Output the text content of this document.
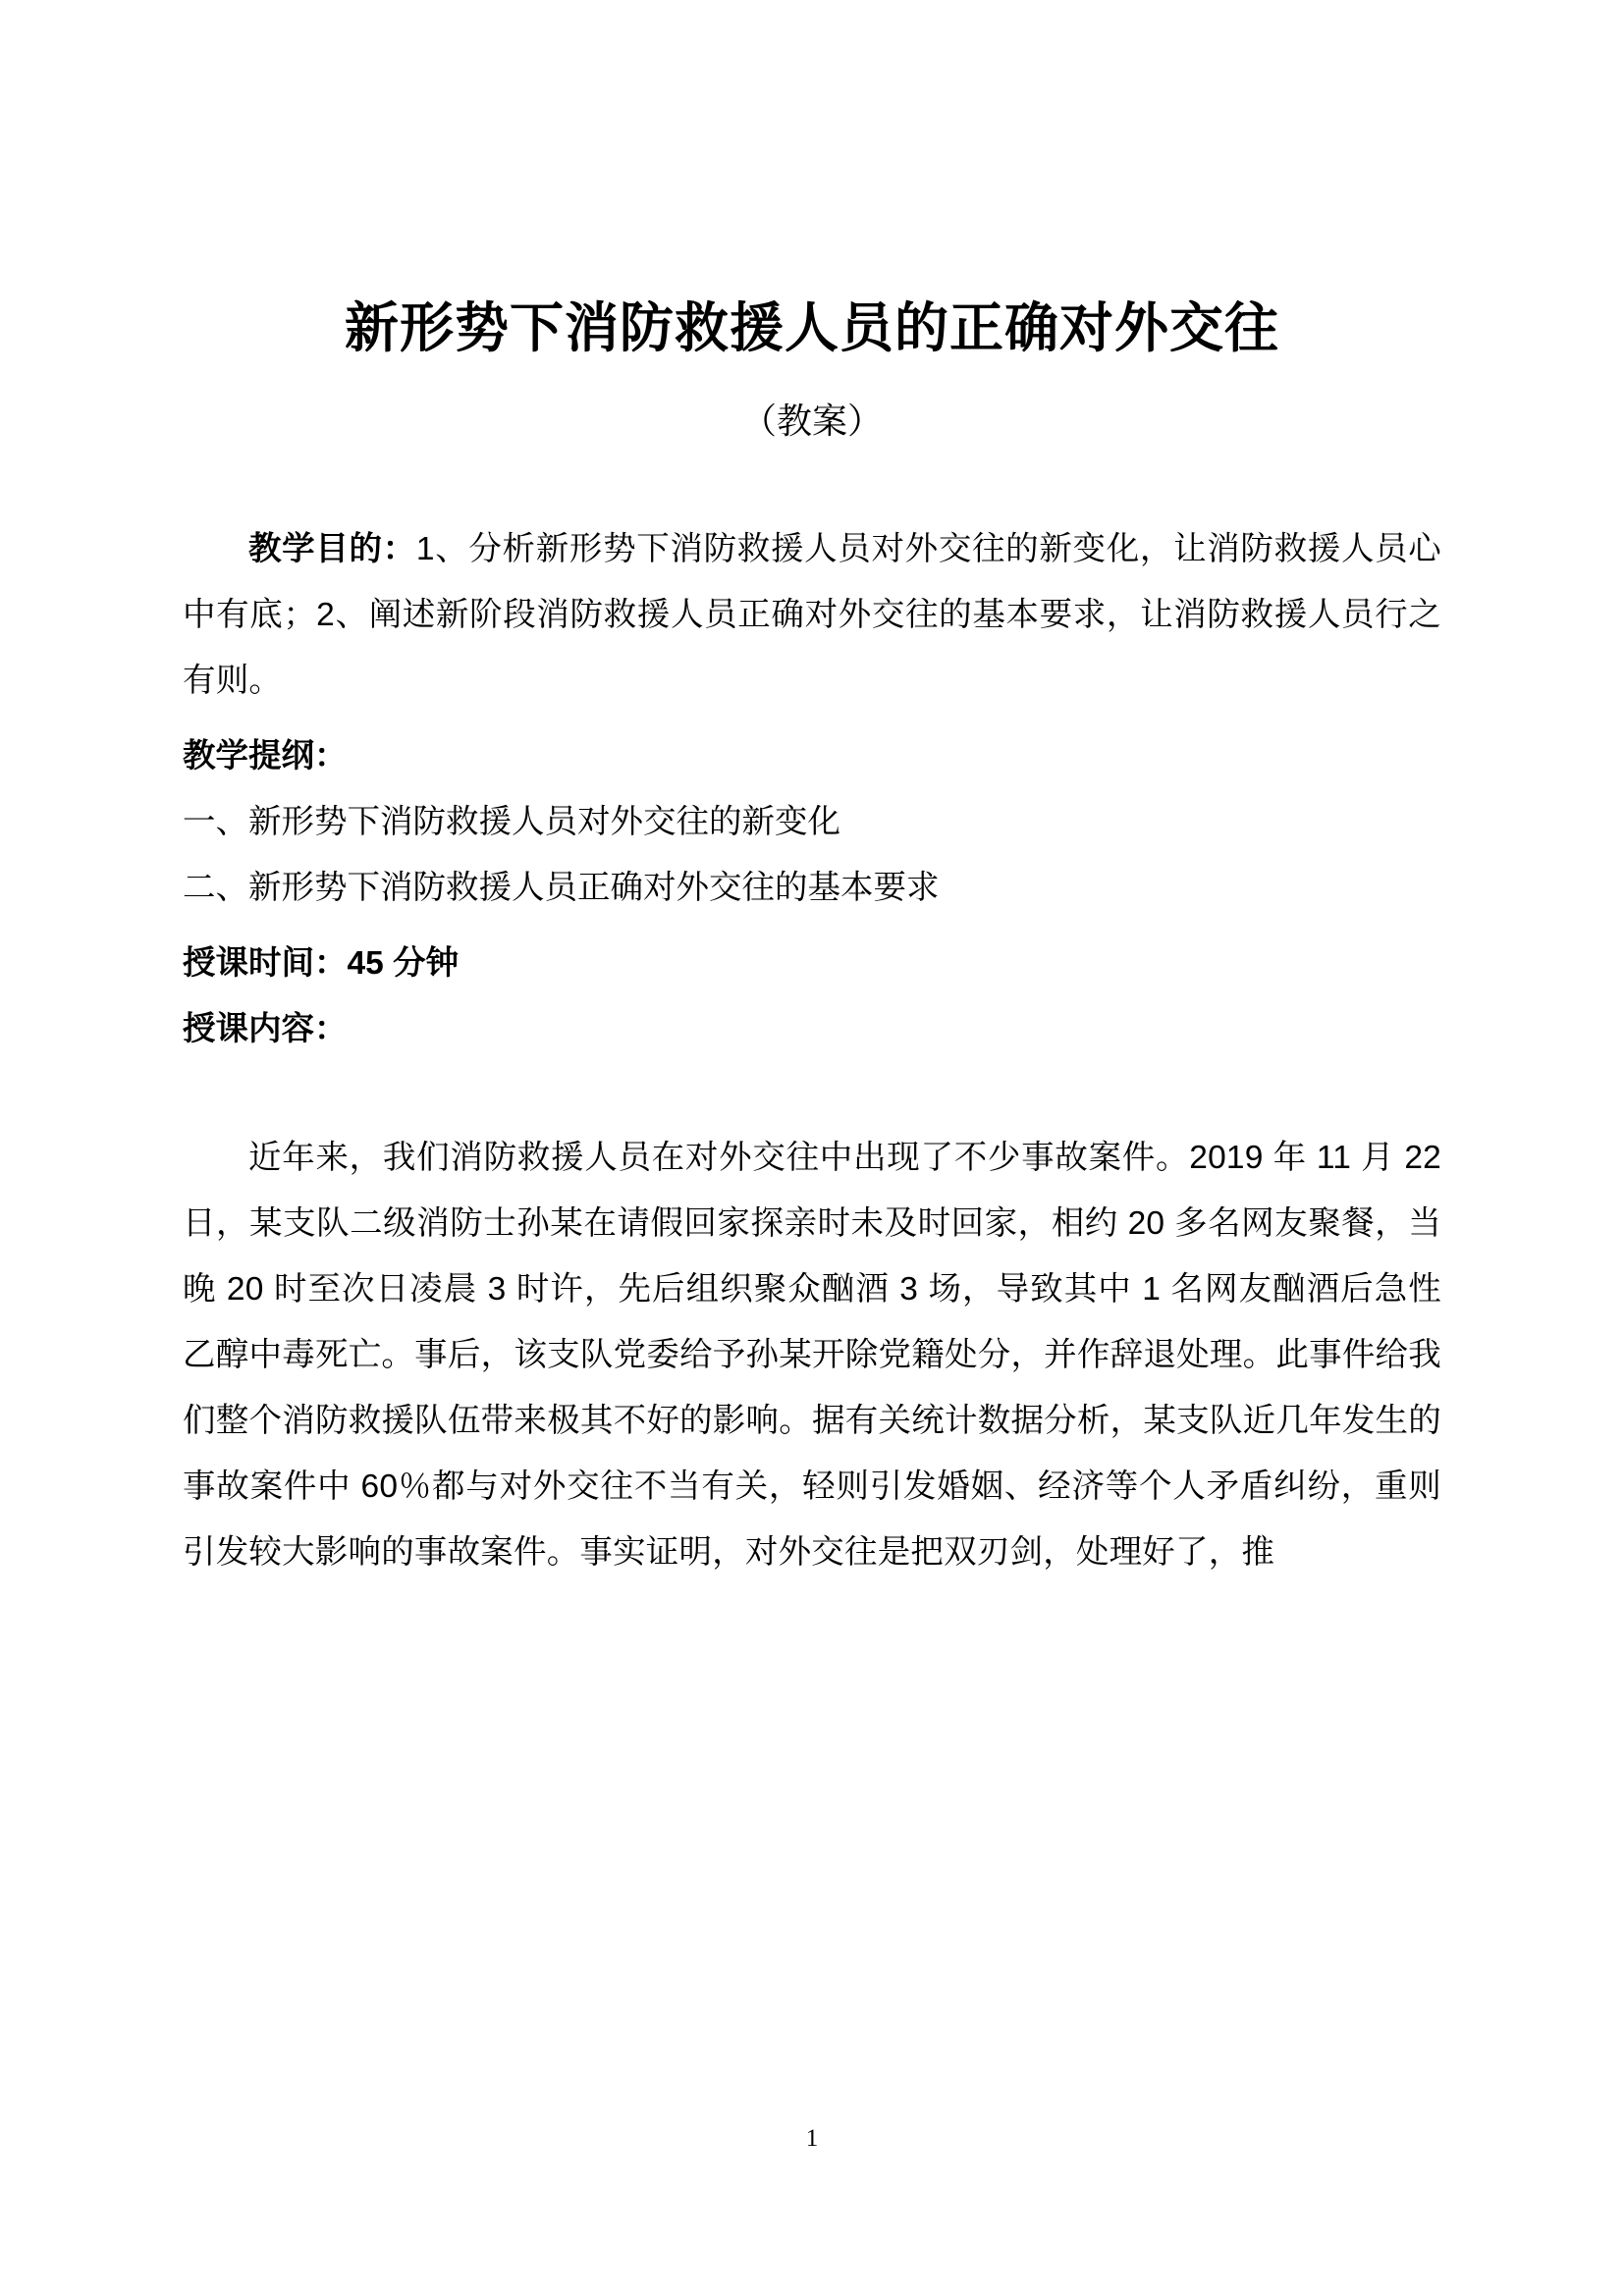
新形势下消防救援人员的正确对外交往
（教案）

教学目的：1、分析新形势下消防救援人员对外交往的新变化，让消防救援人员心中有底；2、阐述新阶段消防救援人员正确对外交往的基本要求，让消防救援人员行之有则。

教学提纲：

一、新形势下消防救援人员对外交往的新变化

二、新形势下消防救援人员正确对外交往的基本要求

授课时间：45 分钟

授课内容：

近年来，我们消防救援人员在对外交往中出现了不少事故案件。2019 年 11 月 22 日，某支队二级消防士孙某在请假回家探亲时未及时回家，相约 20 多名网友聚餐，当晚 20 时至次日凌晨 3 时许，先后组织聚众酗酒 3 场，导致其中 1 名网友酗酒后急性乙醇中毒死亡。事后，该支队党委给予孙某开除党籍处分，并作辞退处理。此事件给我们整个消防救援队伍带来极其不好的影响。据有关统计数据分析，某支队近几年发生的事故案件中 60％都与对外交往不当有关，轻则引发婚姻、经济等个人矛盾纠纷，重则引发较大影响的事故案件。事实证明，对外交往是把双刃剑，处理好了，推

1
